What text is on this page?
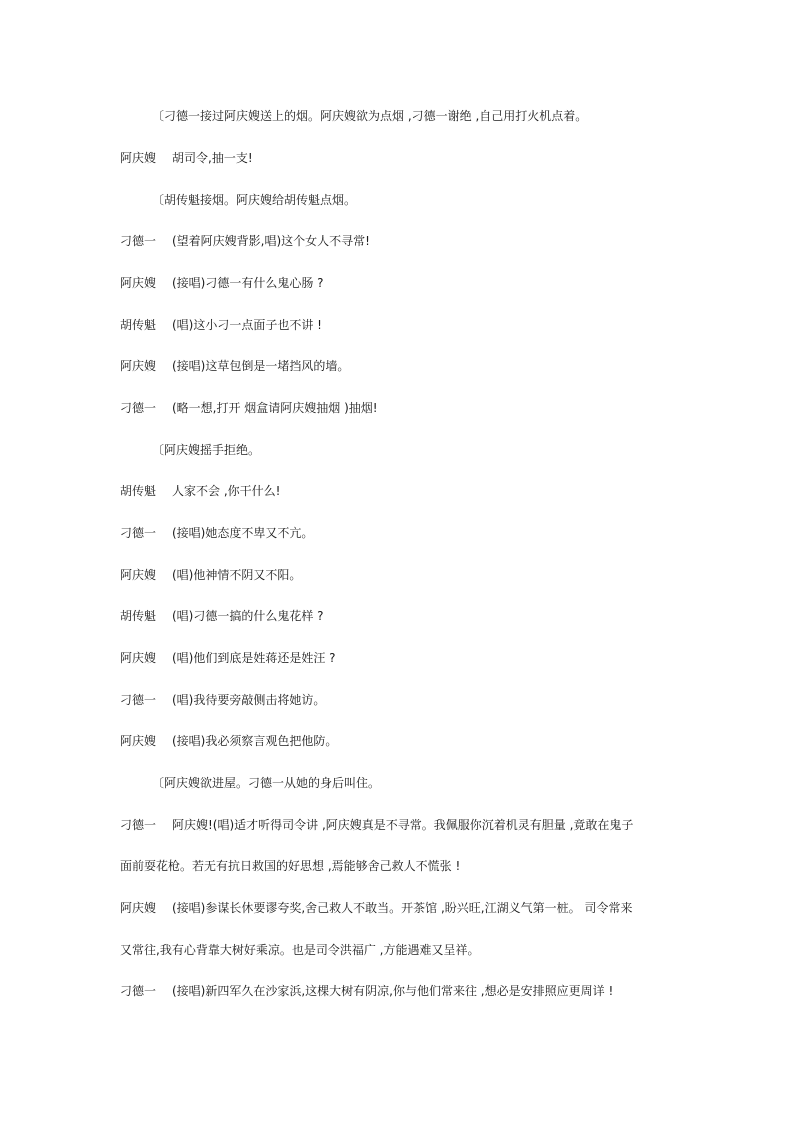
〔刁德一接过阿庆嫂送上的烟。阿庆嫂欲为点烟 ,刁德一谢绝 ,自己用打火机点着。
阿庆嫂 胡司令,抽一支!
〔胡传魁接烟。阿庆嫂给胡传魁点烟。
刁德一 (望着阿庆嫂背影,唱)这个女人不寻常!
阿庆嫂 (接唱)刁德一有什么鬼心肠 ?
胡传魁 (唱)这小刁一点面子也不讲 !
阿庆嫂 (接唱)这草包倒是一堵挡风的墙。
刁德一 (略一想,打开 烟盒请阿庆嫂抽烟 )抽烟!
〔阿庆嫂摇手拒绝。
胡传魁 人家不会 ,你干什么!
刁德一 (接唱)她态度不卑又不亢。
阿庆嫂 (唱)他神情不阴又不阳。
胡传魁 (唱)刁德一搞的什么鬼花样 ?
阿庆嫂 (唱)他们到底是姓蒋还是姓汪 ?
刁德一 (唱)我待要旁敲侧击将她访。
阿庆嫂 (接唱)我必须察言观色把他防。
〔阿庆嫂欲进屋。刁德一从她的身后叫住。
刁德一 阿庆嫂!(唱)适才听得司令讲 ,阿庆嫂真是不寻常。我佩服你沉着机灵有胆量 ,竟敢在鬼子
面前耍花枪。若无有抗日救国的好思想 ,焉能够舍己救人不慌张 !
阿庆嫂 (接唱)参谋长休要谬夸奖,舍己救人不敢当。开茶馆 ,盼兴旺,江湖义气第一桩。 司令常来
又常往,我有心背靠大树好乘凉。也是司令洪福广 ,方能遇难又呈祥。
刁德一 (接唱)新四军久在沙家浜,这棵大树有阴凉,你与他们常来往 ,想必是安排照应更周详 !
